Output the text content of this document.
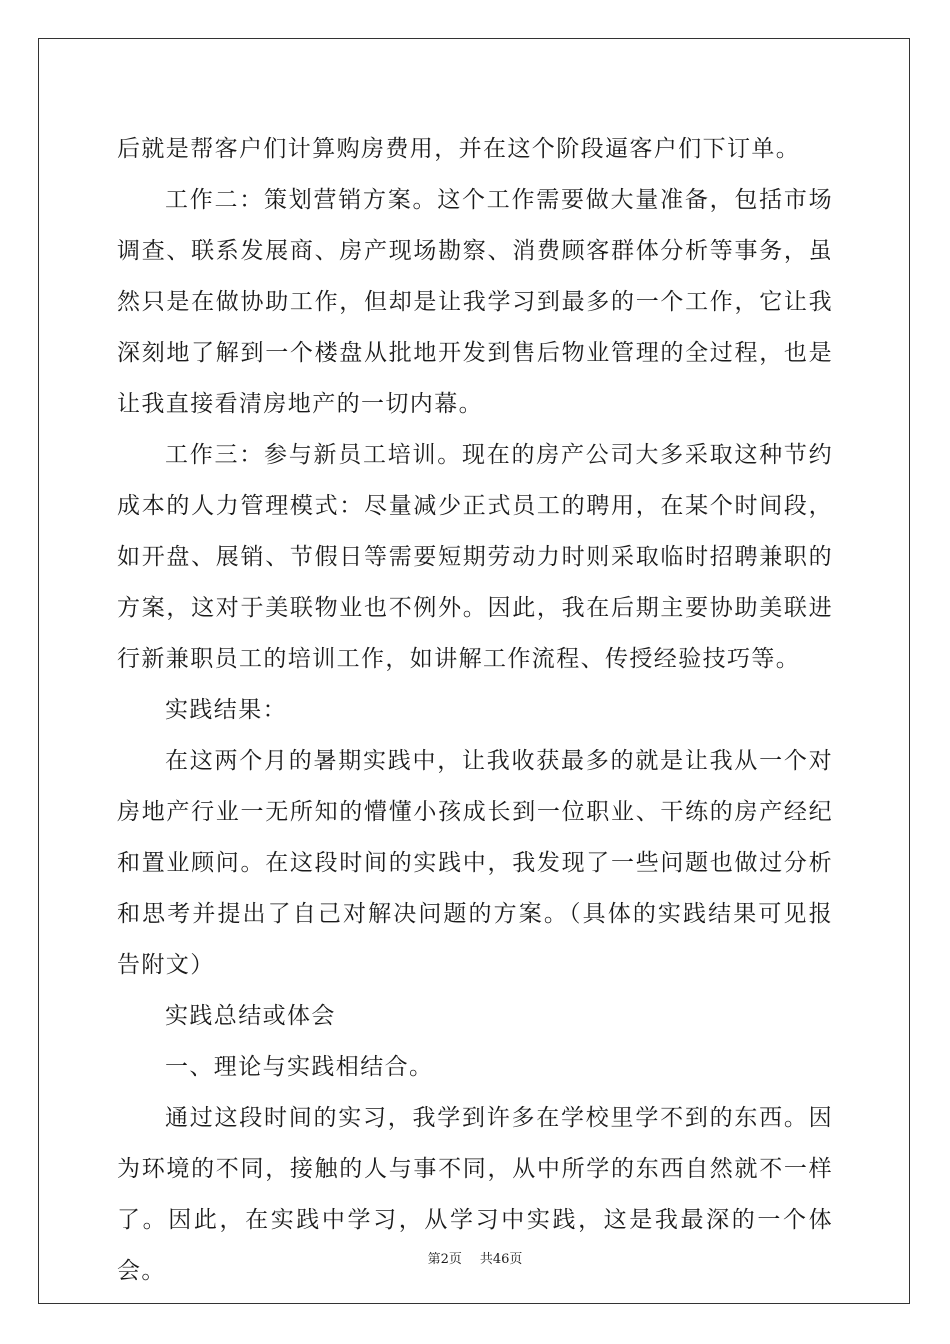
后就是帮客户们计算购房费用，并在这个阶段逼客户们下订单。

工作二：策划营销方案。这个工作需要做大量准备，包括市场调查、联系发展商、房产现场勘察、消费顾客群体分析等事务，虽然只是在做协助工作，但却是让我学习到最多的一个工作，它让我深刻地了解到一个楼盘从批地开发到售后物业管理的全过程，也是让我直接看清房地产的一切内幕。

工作三：参与新员工培训。现在的房产公司大多采取这种节约成本的人力管理模式：尽量减少正式员工的聘用，在某个时间段，如开盘、展销、节假日等需要短期劳动力时则采取临时招聘兼职的方案，这对于美联物业也不例外。因此，我在后期主要协助美联进行新兼职员工的培训工作，如讲解工作流程、传授经验技巧等。

实践结果：

在这两个月的暑期实践中，让我收获最多的就是让我从一个对房地产行业一无所知的懵懂小孩成长到一位职业、干练的房产经纪和置业顾问。在这段时间的实践中，我发现了一些问题也做过分析和思考并提出了自己对解决问题的方案。（具体的实践结果可见报告附文）

实践总结或体会

一、理论与实践相结合。

通过这段时间的实习，我学到许多在学校里学不到的东西。因为环境的不同，接触的人与事不同，从中所学的东西自然就不一样了。因此，在实践中学习，从学习中实践，这是我最深的一个体会。	第2页 共46页
